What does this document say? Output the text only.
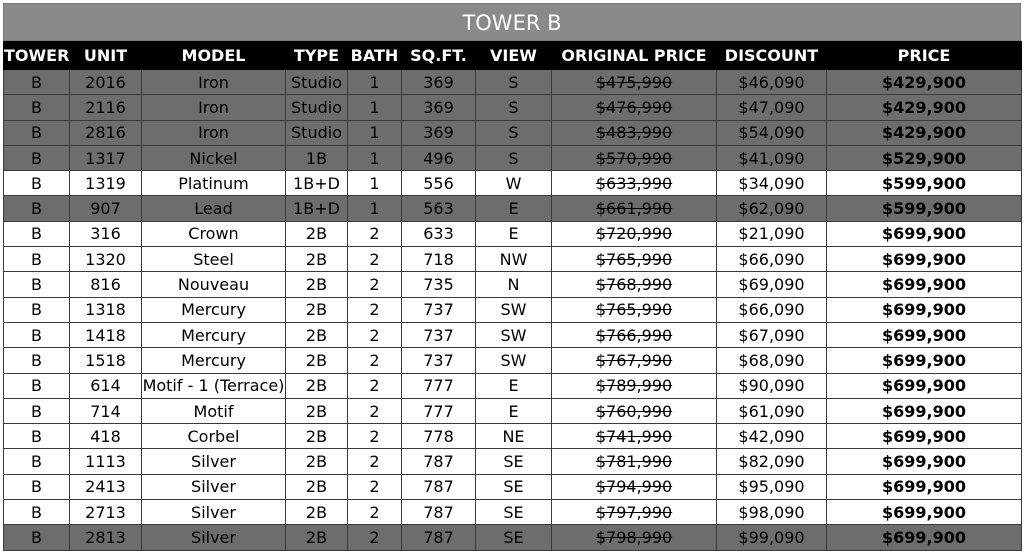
TOWER B
TOWER	UNIT	MODEL	TYPE	BATH	SQ.FT.	VIEW	ORIGINAL PRICE	DISCOUNT	PRICE
B	2016	Iron	Studio	1	369	S	$475,990	$46,090	$429,900
B	2116	Iron	Studio	1	369	S	$476,990	$47,090	$429,900
B	2816	Iron	Studio	1	369	S	$483,990	$54,090	$429,900
B	1317	Nickel	1B	1	496	S	$570,990	$41,090	$529,900
B	1319	Platinum	1B+D	1	556	W	$633,990	$34,090	$599,900
B	907	Lead	1B+D	1	563	E	$661,990	$62,090	$599,900
B	316	Crown	2B	2	633	E	$720,990	$21,090	$699,900
B	1320	Steel	2B	2	718	NW	$765,990	$66,090	$699,900
B	816	Nouveau	2B	2	735	N	$768,990	$69,090	$699,900
B	1318	Mercury	2B	2	737	SW	$765,990	$66,090	$699,900
B	1418	Mercury	2B	2	737	SW	$766,990	$67,090	$699,900
B	1518	Mercury	2B	2	737	SW	$767,990	$68,090	$699,900
B	614	Motif - 1 (Terrace)	2B	2	777	E	$789,990	$90,090	$699,900
B	714	Motif	2B	2	777	E	$760,990	$61,090	$699,900
B	418	Corbel	2B	2	778	NE	$741,990	$42,090	$699,900
B	1113	Silver	2B	2	787	SE	$781,990	$82,090	$699,900
B	2413	Silver	2B	2	787	SE	$794,990	$95,090	$699,900
B	2713	Silver	2B	2	787	SE	$797,990	$98,090	$699,900
B	2813	Silver	2B	2	787	SE	$798,990	$99,090	$699,900
